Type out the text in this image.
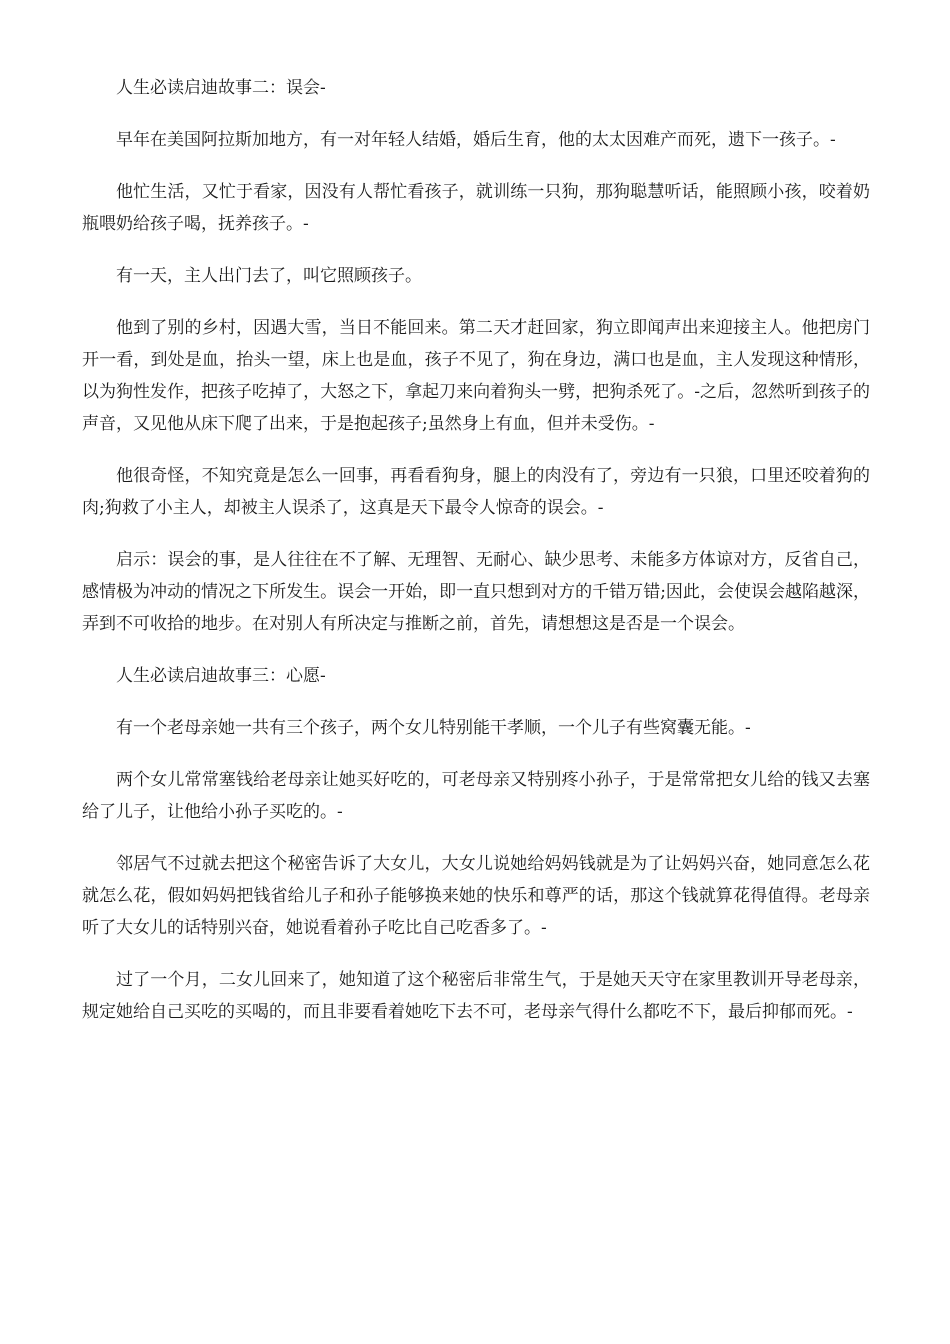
人生必读启迪故事二：误会-

早年在美国阿拉斯加地方，有一对年轻人结婚，婚后生育，他的太太因难产而死，遗下一孩子。-

他忙生活，又忙于看家，因没有人帮忙看孩子，就训练一只狗，那狗聪慧听话，能照顾小孩，咬着奶瓶喂奶给孩子喝，抚养孩子。-

有一天，主人出门去了，叫它照顾孩子。

他到了别的乡村，因遇大雪，当日不能回来。第二天才赶回家，狗立即闻声出来迎接主人。他把房门开一看，到处是血，抬头一望，床上也是血，孩子不见了，狗在身边，满口也是血，主人发现这种情形，以为狗性发作，把孩子吃掉了，大怒之下，拿起刀来向着狗头一劈，把狗杀死了。-之后，忽然听到孩子的声音，又见他从床下爬了出来，于是抱起孩子;虽然身上有血，但并未受伤。-

他很奇怪，不知究竟是怎么一回事，再看看狗身，腿上的肉没有了，旁边有一只狼，口里还咬着狗的肉;狗救了小主人，却被主人误杀了，这真是天下最令人惊奇的误会。-

启示：误会的事，是人往往在不了解、无理智、无耐心、缺少思考、未能多方体谅对方，反省自己，感情极为冲动的情况之下所发生。误会一开始，即一直只想到对方的千错万错;因此，会使误会越陷越深，弄到不可收拾的地步。在对别人有所决定与推断之前，首先，请想想这是否是一个误会。

人生必读启迪故事三：心愿-

有一个老母亲她一共有三个孩子，两个女儿特别能干孝顺，一个儿子有些窝囊无能。-

两个女儿常常塞钱给老母亲让她买好吃的，可老母亲又特别疼小孙子，于是常常把女儿给的钱又去塞给了儿子，让他给小孙子买吃的。-

邻居气不过就去把这个秘密告诉了大女儿，大女儿说她给妈妈钱就是为了让妈妈兴奋，她同意怎么花就怎么花，假如妈妈把钱省给儿子和孙子能够换来她的快乐和尊严的话，那这个钱就算花得值得。老母亲听了大女儿的话特别兴奋，她说看着孙子吃比自己吃香多了。-

过了一个月，二女儿回来了，她知道了这个秘密后非常生气，于是她天天守在家里教训开导老母亲，规定她给自己买吃的买喝的，而且非要看着她吃下去不可，老母亲气得什么都吃不下，最后抑郁而死。-
